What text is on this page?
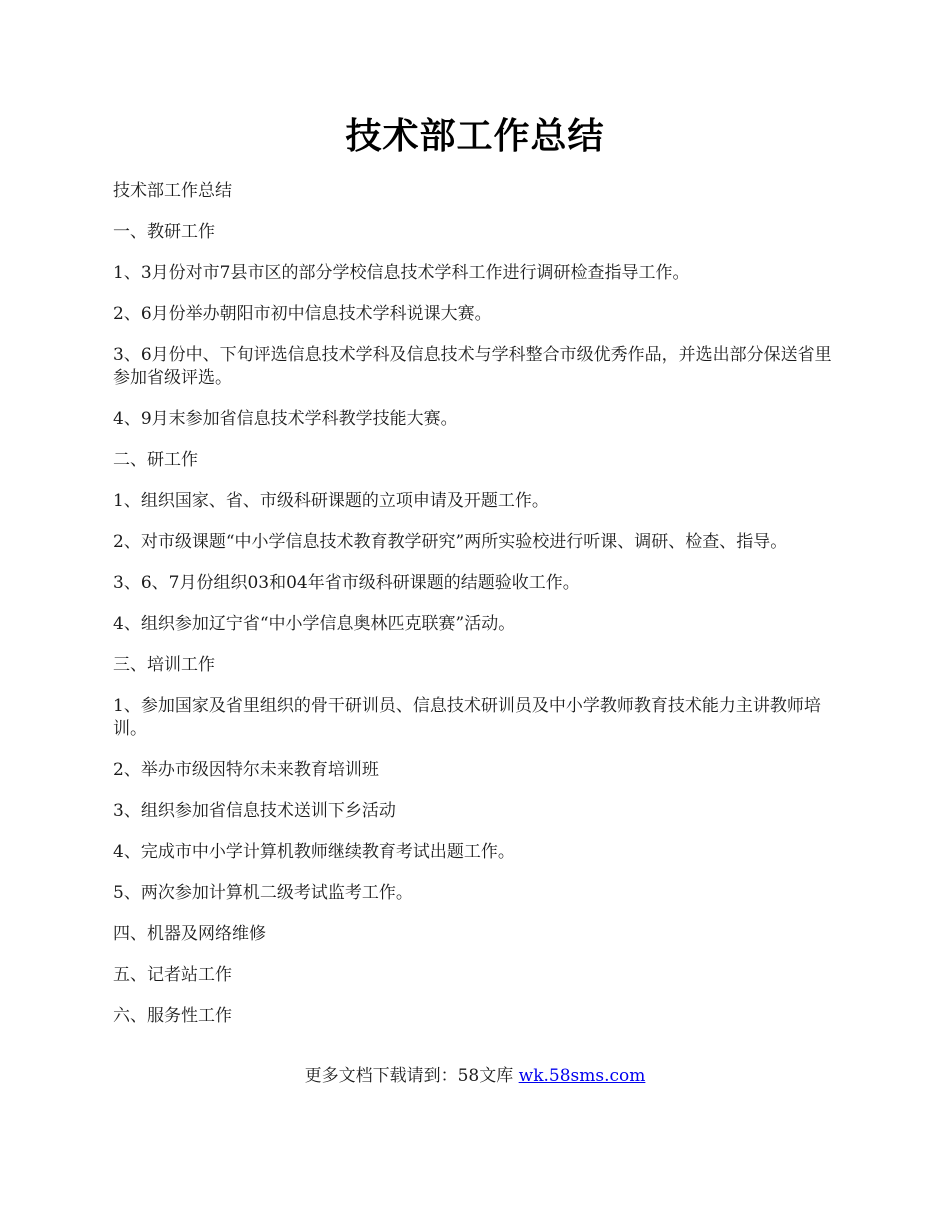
技术部工作总结

技术部工作总结

一、教研工作

1、3月份对市7县市区的部分学校信息技术学科工作进行调研检查指导工作。

2、6月份举办朝阳市初中信息技术学科说课大赛。

3、6月份中、下旬评选信息技术学科及信息技术与学科整合市级优秀作品，并选出部分保送省里参加省级评选。

4、9月末参加省信息技术学科教学技能大赛。

二、研工作

1、组织国家、省、市级科研课题的立项申请及开题工作。

2、对市级课题“中小学信息技术教育教学研究”两所实验校进行听课、调研、检查、指导。

3、6、7月份组织03和04年省市级科研课题的结题验收工作。

4、组织参加辽宁省“中小学信息奥林匹克联赛”活动。

三、培训工作

1、参加国家及省里组织的骨干研训员、信息技术研训员及中小学教师教育技术能力主讲教师培训。

2、举办市级因特尔未来教育培训班

3、组织参加省信息技术送训下乡活动

4、完成市中小学计算机教师继续教育考试出题工作。

5、两次参加计算机二级考试监考工作。

四、机器及网络维修

五、记者站工作

六、服务性工作

更多文档下载请到：58文库 wk.58sms.com
